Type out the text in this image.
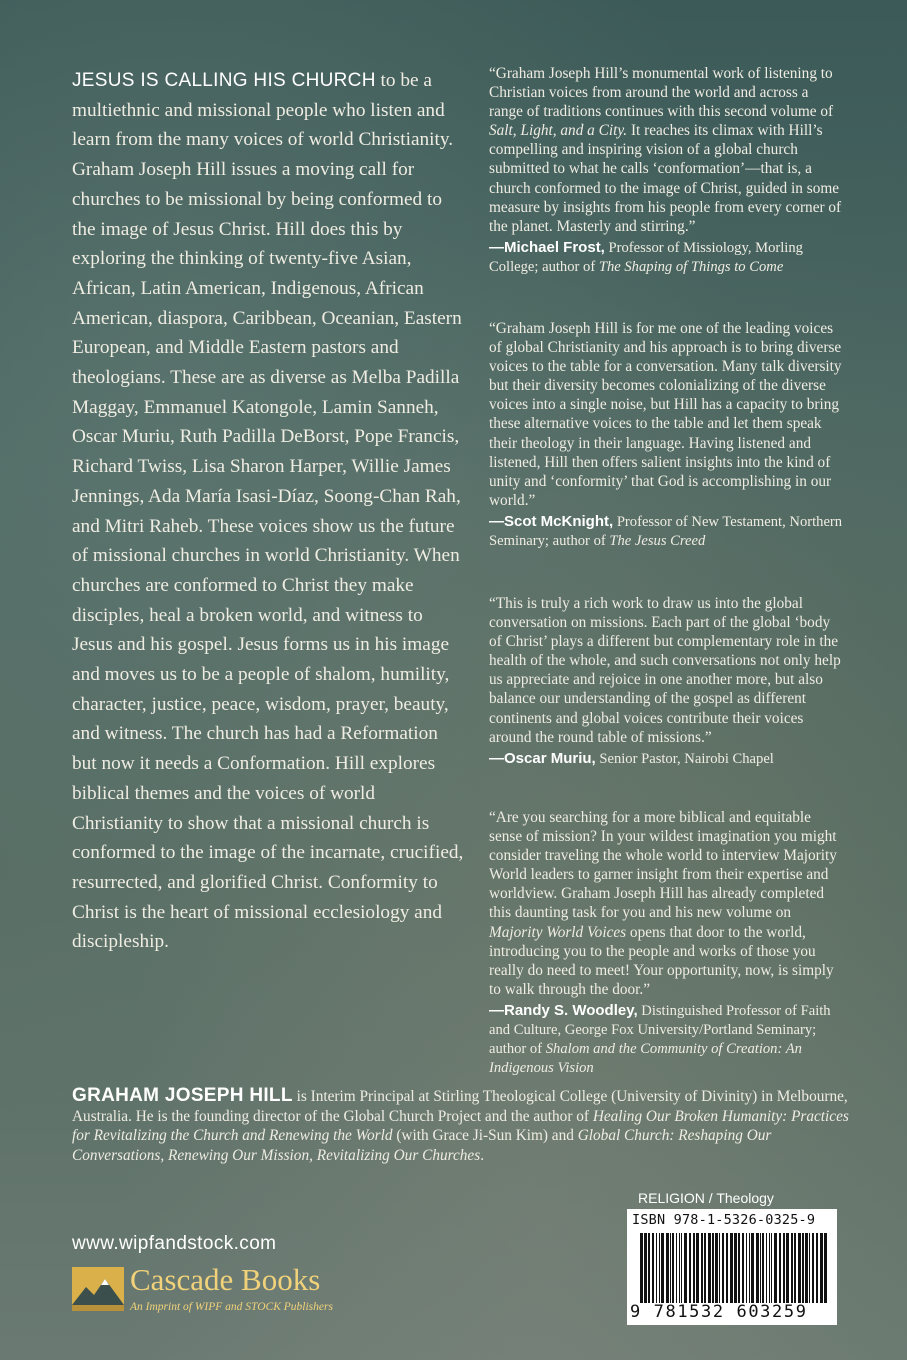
JESUS IS CALLING HIS CHURCH to be a multiethnic and missional people who listen and learn from the many voices of world Christianity. Graham Joseph Hill issues a moving call for churches to be missional by being conformed to the image of Jesus Christ. Hill does this by exploring the thinking of twenty-five Asian, African, Latin American, Indigenous, African American, diaspora, Caribbean, Oceanian, Eastern European, and Middle Eastern pastors and theologians. These are as diverse as Melba Padilla Maggay, Emmanuel Katongole, Lamin Sanneh, Oscar Muriu, Ruth Padilla DeBorst, Pope Francis, Richard Twiss, Lisa Sharon Harper, Willie James Jennings, Ada María Isasi-Díaz, Soong-Chan Rah, and Mitri Raheb. These voices show us the future of missional churches in world Christianity. When churches are conformed to Christ they make disciples, heal a broken world, and witness to Jesus and his gospel. Jesus forms us in his image and moves us to be a people of shalom, humility, character, justice, peace, wisdom, prayer, beauty, and witness. The church has had a Reformation but now it needs a Conformation. Hill explores biblical themes and the voices of world Christianity to show that a missional church is conformed to the image of the incarnate, crucified, resurrected, and glorified Christ. Conformity to Christ is the heart of missional ecclesiology and discipleship.

“Graham Joseph Hill’s monumental work of listening to Christian voices from around the world and across a range of traditions continues with this second volume of Salt, Light, and a City. It reaches its climax with Hill’s compelling and inspiring vision of a global church submitted to what he calls ‘conformation’—that is, a church conformed to the image of Christ, guided in some measure by insights from his people from every corner of the planet. Masterly and stirring.”

—Michael Frost, Professor of Missiology, Morling College; author of The Shaping of Things to Come

“Graham Joseph Hill is for me one of the leading voices of global Christianity and his approach is to bring diverse voices to the table for a conversation. Many talk diversity but their diversity becomes colonializing of the diverse voices into a single noise, but Hill has a capacity to bring these alternative voices to the table and let them speak their theology in their language. Having listened and listened, Hill then offers salient insights into the kind of unity and ‘conformity’ that God is accomplishing in our world.”

—Scot McKnight, Professor of New Testament, Northern Seminary; author of The Jesus Creed

“This is truly a rich work to draw us into the global conversation on missions. Each part of the global ‘body of Christ’ plays a different but complementary role in the health of the whole, and such conversations not only help us appreciate and rejoice in one another more, but also balance our understanding of the gospel as different continents and global voices contribute their voices around the round table of missions.”

—Oscar Muriu, Senior Pastor, Nairobi Chapel

“Are you searching for a more biblical and equitable sense of mission? In your wildest imagination you might consider traveling the whole world to interview Majority World leaders to garner insight from their expertise and worldview. Graham Joseph Hill has already completed this daunting task for you and his new volume on Majority World Voices opens that door to the world, introducing you to the people and works of those you really do need to meet! Your opportunity, now, is simply to walk through the door.”

—Randy S. Woodley, Distinguished Professor of Faith and Culture, George Fox University/Portland Seminary; author of Shalom and the Community of Creation: An Indigenous Vision

GRAHAM JOSEPH HILL is Interim Principal at Stirling Theological College (University of Divinity) in Melbourne, Australia. He is the founding director of the Global Church Project and the author of Healing Our Broken Humanity: Practices for Revitalizing the Church and Renewing the World (with Grace Ji-Sun Kim) and Global Church: Reshaping Our Conversations, Renewing Our Mission, Revitalizing Our Churches.
www.wipfandstock.com
Cascade Books
An Imprint of WIPF and STOCK Publishers
RELIGION / Theology
ISBN 978-1-5326-0325-9
9 781532 603259
